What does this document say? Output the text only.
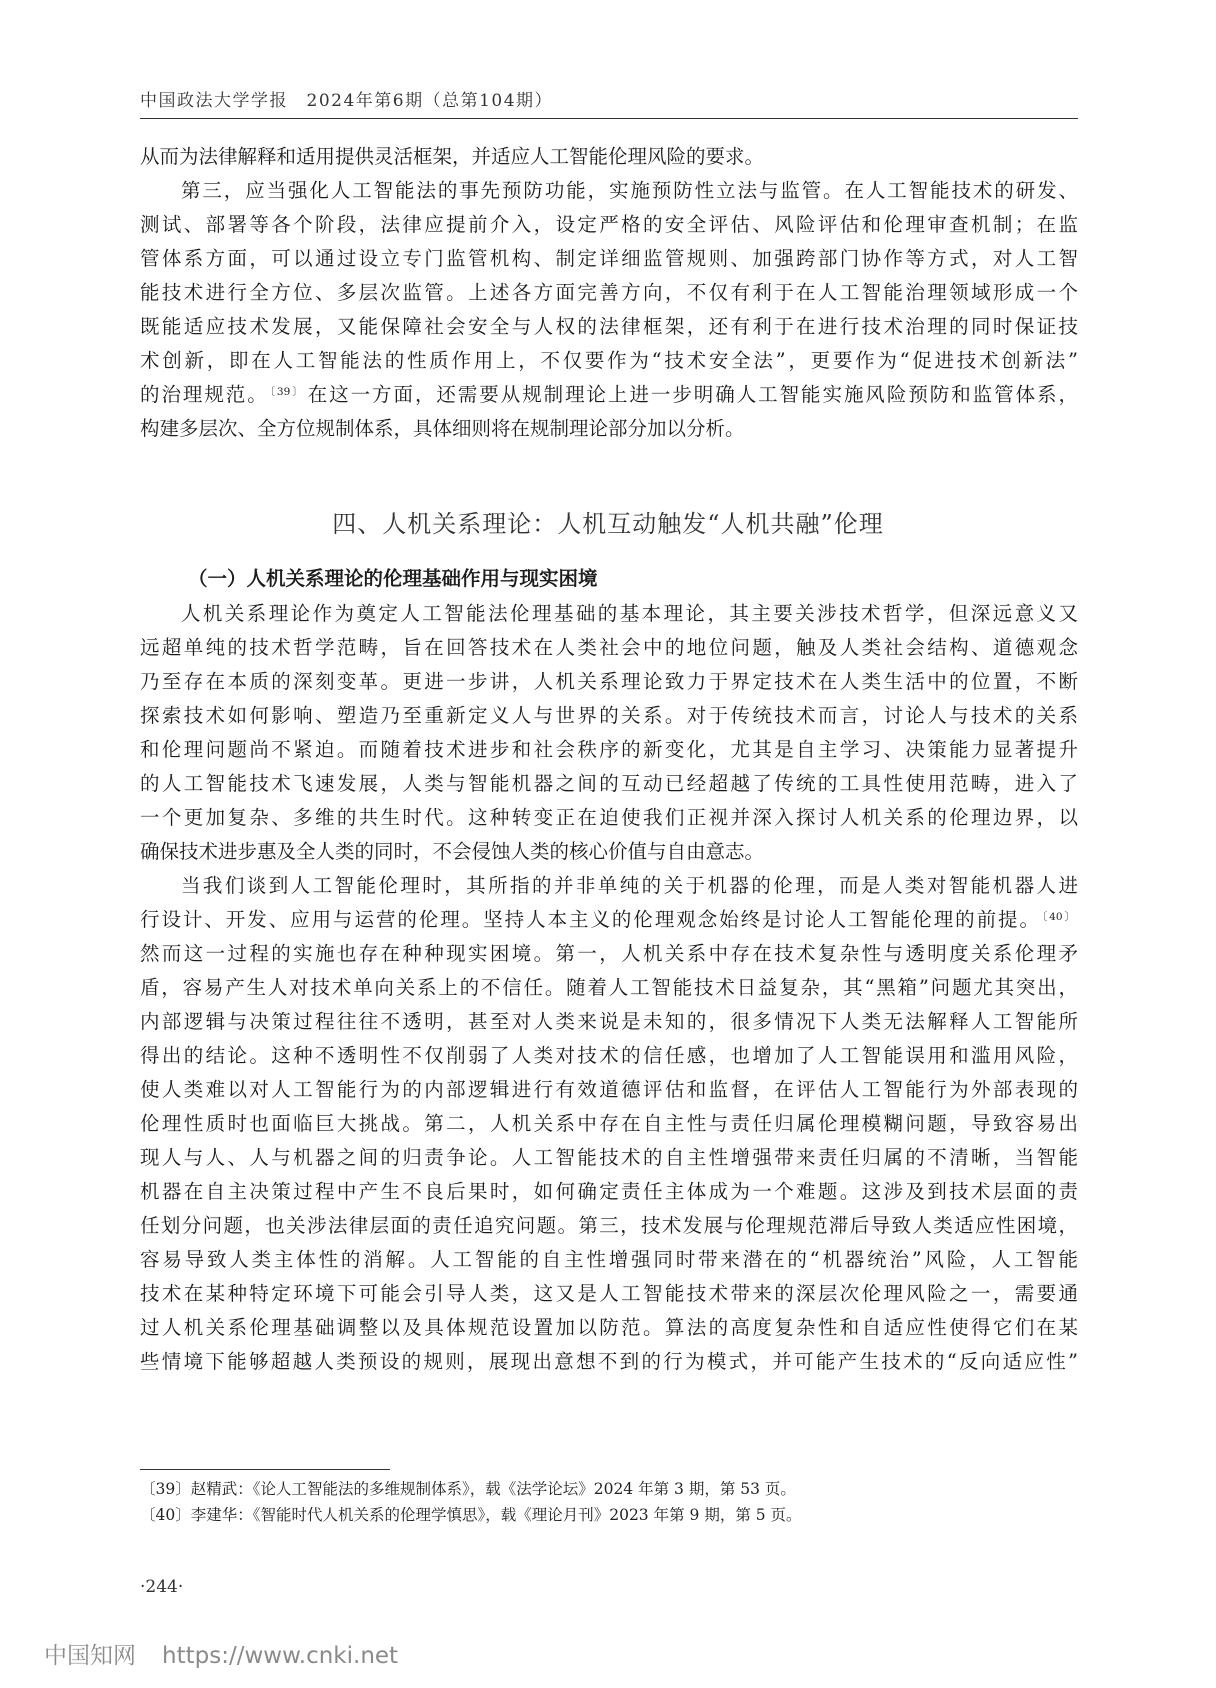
中国政法大学学报　2024年第6期（总第104期）
从而为法律解释和适用提供灵活框架，并适应人工智能伦理风险的要求。
第三，应当强化人工智能法的事先预防功能，实施预防性立法与监管。在人工智能技术的研发、
测试、部署等各个阶段，法律应提前介入，设定严格的安全评估、风险评估和伦理审查机制；在监
管体系方面，可以通过设立专门监管机构、制定详细监管规则、加强跨部门协作等方式，对人工智
能技术进行全方位、多层次监管。上述各方面完善方向，不仅有利于在人工智能治理领域形成一个
既能适应技术发展，又能保障社会安全与人权的法律框架，还有利于在进行技术治理的同时保证技
术创新，即在人工智能法的性质作用上，不仅要作为“技术安全法”，更要作为“促进技术创新法”
的治理规范。$^{〔39〕}$ 在这一方面，还需要从规制理论上进一步明确人工智能实施风险预防和监管体系，
构建多层次、全方位规制体系，具体细则将在规制理论部分加以分析。
四、人机关系理论：人机互动触发“人机共融”伦理
（一）人机关系理论的伦理基础作用与现实困境
人机关系理论作为奠定人工智能法伦理基础的基本理论，其主要关涉技术哲学，但深远意义又
远超单纯的技术哲学范畴，旨在回答技术在人类社会中的地位问题，触及人类社会结构、道德观念
乃至存在本质的深刻变革。更进一步讲，人机关系理论致力于界定技术在人类生活中的位置，不断
探索技术如何影响、塑造乃至重新定义人与世界的关系。对于传统技术而言，讨论人与技术的关系
和伦理问题尚不紧迫。而随着技术进步和社会秩序的新变化，尤其是自主学习、决策能力显著提升
的人工智能技术飞速发展，人类与智能机器之间的互动已经超越了传统的工具性使用范畴，进入了
一个更加复杂、多维的共生时代。这种转变正在迫使我们正视并深入探讨人机关系的伦理边界，以
确保技术进步惠及全人类的同时，不会侵蚀人类的核心价值与自由意志。
当我们谈到人工智能伦理时，其所指的并非单纯的关于机器的伦理，而是人类对智能机器人进
行设计、开发、应用与运营的伦理。坚持人本主义的伦理观念始终是讨论人工智能伦理的前提。$^{〔40〕}$
然而这一过程的实施也存在种种现实困境。第一，人机关系中存在技术复杂性与透明度关系伦理矛
盾，容易产生人对技术单向关系上的不信任。随着人工智能技术日益复杂，其“黑箱”问题尤其突出，
内部逻辑与决策过程往往不透明，甚至对人类来说是未知的，很多情况下人类无法解释人工智能所
得出的结论。这种不透明性不仅削弱了人类对技术的信任感，也增加了人工智能误用和滥用风险，
使人类难以对人工智能行为的内部逻辑进行有效道德评估和监督，在评估人工智能行为外部表现的
伦理性质时也面临巨大挑战。第二，人机关系中存在自主性与责任归属伦理模糊问题，导致容易出
现人与人、人与机器之间的归责争论。人工智能技术的自主性增强带来责任归属的不清晰，当智能
机器在自主决策过程中产生不良后果时，如何确定责任主体成为一个难题。这涉及到技术层面的责
任划分问题，也关涉法律层面的责任追究问题。第三，技术发展与伦理规范滞后导致人类适应性困境，
容易导致人类主体性的消解。人工智能的自主性增强同时带来潜在的“机器统治”风险，人工智能
技术在某种特定环境下可能会引导人类，这又是人工智能技术带来的深层次伦理风险之一，需要通
过人机关系伦理基础调整以及具体规范设置加以防范。算法的高度复杂性和自适应性使得它们在某
些情境下能够超越人类预设的规则，展现出意想不到的行为模式，并可能产生技术的“反向适应性”
〔39〕赵精武：《论人工智能法的多维规制体系》，载《法学论坛》2024 年第 3 期，第 53 页。
〔40〕李建华：《智能时代人机关系的伦理学慎思》，载《理论月刊》2023 年第 9 期，第 5 页。
·244·
中国知网 https://www.cnki.net
